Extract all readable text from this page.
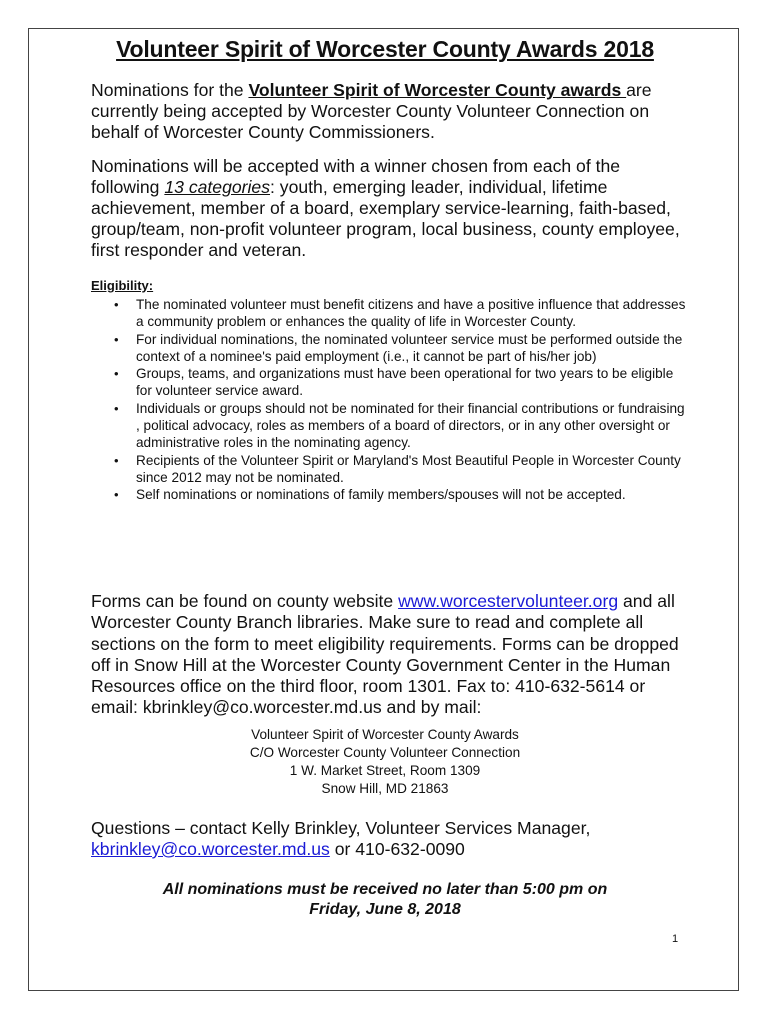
Volunteer Spirit of Worcester County Awards 2018

Nominations for the Volunteer Spirit of Worcester County awards are currently being accepted by Worcester County Volunteer Connection on behalf of Worcester County Commissioners.

Nominations will be accepted with a winner chosen from each of the following 13 categories: youth, emerging leader, individual, lifetime achievement, member of a board, exemplary service-learning, faith-based, group/team, non-profit volunteer program, local business, county employee, first responder and veteran.

Eligibility:
• The nominated volunteer must benefit citizens and have a positive influence that addresses a community problem or enhances the quality of life in Worcester County.
• For individual nominations, the nominated volunteer service must be performed outside the context of a nominee's paid employment (i.e., it cannot be part of his/her job)
• Groups, teams, and organizations must have been operational for two years to be eligible for volunteer service award.
• Individuals or groups should not be nominated for their financial contributions or fundraising , political advocacy, roles as members of a board of directors, or in any other oversight or administrative roles in the nominating agency.
• Recipients of the Volunteer Spirit or Maryland's Most Beautiful People in Worcester County since 2012 may not be nominated.
• Self nominations or nominations of family members/spouses will not be accepted.

Forms can be found on county website www.worcestervolunteer.org and all Worcester County Branch libraries. Make sure to read and complete all sections on the form to meet eligibility requirements. Forms can be dropped off in Snow Hill at the Worcester County Government Center in the Human Resources office on the third floor, room 1301. Fax to: 410-632-5614 or email: kbrinkley@co.worcester.md.us and by mail:

Volunteer Spirit of Worcester County Awards
C/O Worcester County Volunteer Connection
1 W. Market Street, Room 1309
Snow Hill, MD 21863

Questions – contact Kelly Brinkley, Volunteer Services Manager, kbrinkley@co.worcester.md.us or 410-632-0090

All nominations must be received no later than 5:00 pm on
Friday, June 8, 2018
1
